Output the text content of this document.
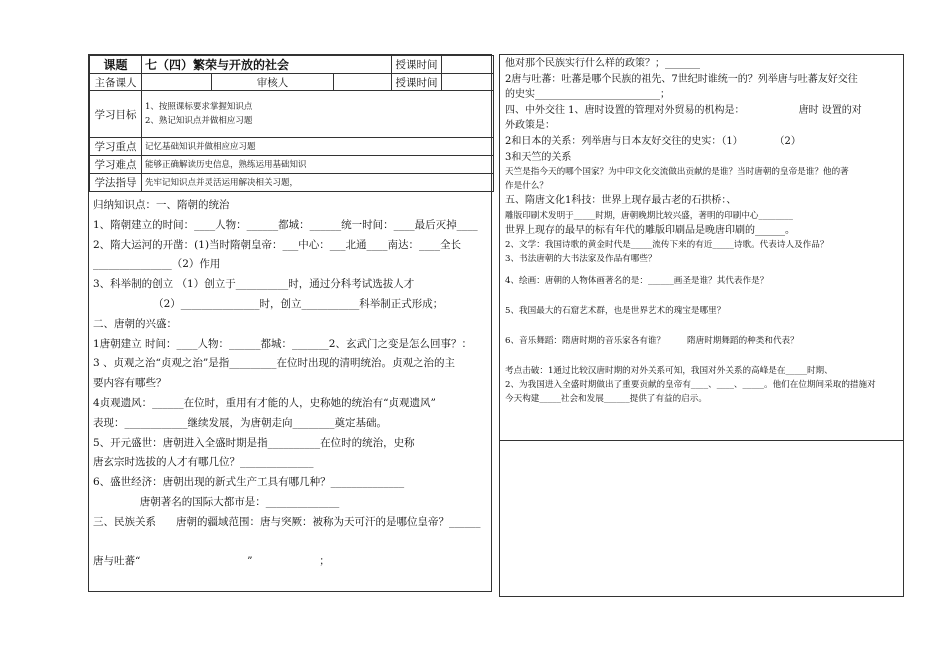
课题	七（四）繁荣与开放的社会			授课时间	
主备课人		审核人		授课时间	
学习目标	1、按照课标要求掌握知识点
2、熟记知识点并做相应习题				

学习重点	记忆基础知识并做相应应习题				
学习难点	能够正确解读历史信息，熟练运用基础知识				
学法指导	先牢记知识点并灵活运用解决相关习题，				
归纳知识点：一、隋朝的统治
1、隋朝建立的时间：____人物：______都城：______统一时间：____最后灭掉____
2、隋大运河的开凿：(1)当时隋朝皇帝：___中心：___北通____南达：____全长
_______________（2）作用
3、科举制的创立 （1）创立于__________时，通过分科考试选拔人才
（2）_______________时，创立___________科举制正式形成；
二、唐朝的兴盛：
1唐朝建立 时间：____人物：______都城：_______2、玄武门之变是怎么回事？：
3 、贞观之治“贞观之治”是指_________在位时出现的清明统治。贞观之治的主
要内容有哪些？
4贞观遗风：______在位时，重用有才能的人，史称她的统治有“贞观遗风”
表现：____________继续发展，为唐朝走向________奠定基础。
5、开元盛世：唐朝进入全盛时期是指__________在位时的统治，史称
唐玄宗时选拔的人才有哪几位？______________
6、盛世经济：唐朝出现的新式生产工具有哪几种？______________
唐朝著名的国际大都市是：______________
三、民族关系      唐朝的疆域范围：唐与突厥：被称为天可汗的是哪位皇帝？______
唐与吐蕃“                                ”                    ；
他对那个民族实行什么样的政策？；_______
2唐与吐蕃：吐蕃是哪个民族的祖先、7世纪时谁统一的？列举唐与吐蕃友好交往
的史实_________________________；
四、中外交往 1、唐时设置的管理对外贸易的机构是：                 唐时 设置的对
外政策是：
2和日本的关系：列举唐与日本友好交往的史实：（1）          （2）
3和天竺的关系
天竺是指今天的哪个国家？为中印文化交流做出贡献的是谁？当时唐朝的皇帝是谁？他的著
作是什么？
五、隋唐文化1科技：世界上现存最古老的石拱桥：、
雕版印刷术发明于_____时期，唐朝晚期比较兴盛，著明的印刷中心________
世界上现存的最早的标有年代的雕版印刷品是晚唐印刷的______。
2、文学：我国诗歌的黄金时代是_____流传下来的有近_____诗歌。代表诗人及作品？
3、书法唐朝的大书法家及作品有哪些？
4、绘画：唐朝的人物体画著名的是：______画圣是谁？其代表作是？
5、我国最大的石窟艺术群，也是世界艺术的瑰宝是哪里？
6、音乐舞蹈：隋唐时期的音乐家各有谁？        隋唐时期舞蹈的种类和代表？
考点击破：1通过比较汉唐时期的对外关系可知，我国对外关系的高峰是在_____时期、
2、为我国进入全盛时期做出了重要贡献的皇帝有____、____、_____。他们在位期间采取的措施对
今天构建_____社会和发展______提供了有益的启示。
